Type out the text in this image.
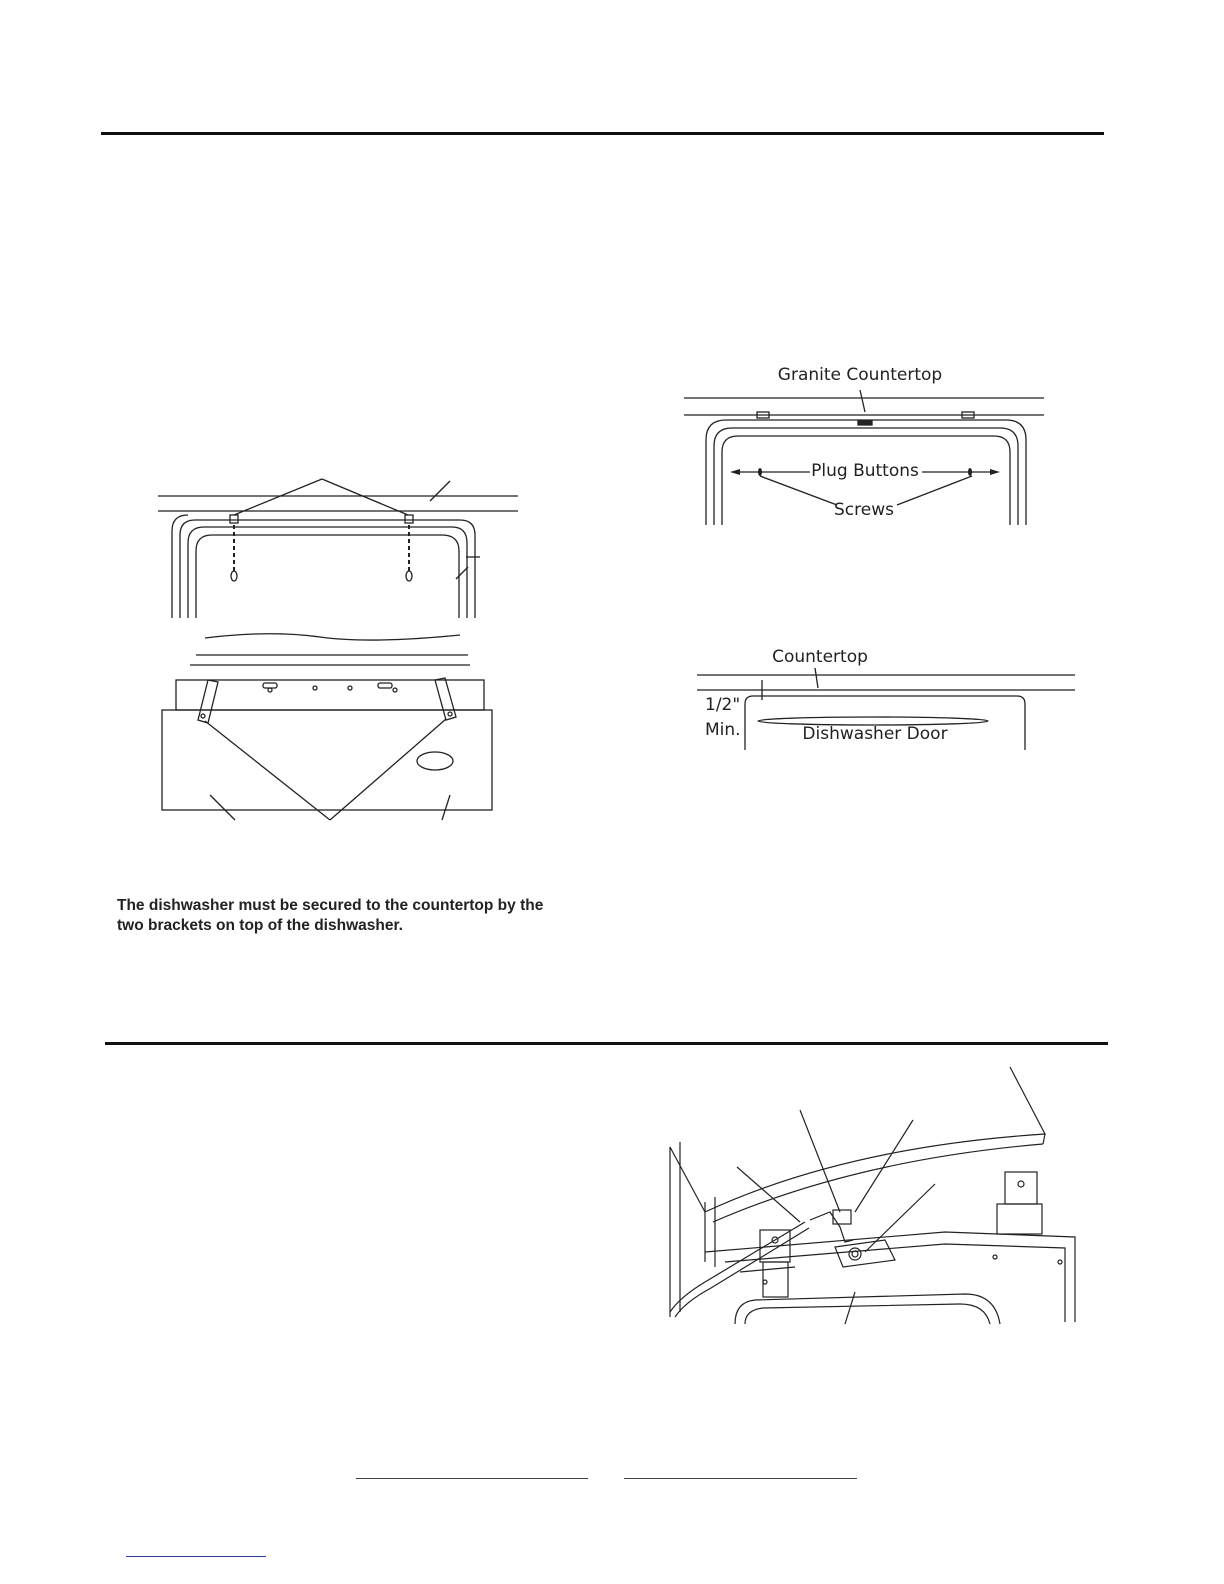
Granite Countertop
Plug Buttons
Screws
Countertop
1/2"
Min.	Dishwasher Door
The dishwasher must be secured to the countertop by the
two brackets on top of the dishwasher.
